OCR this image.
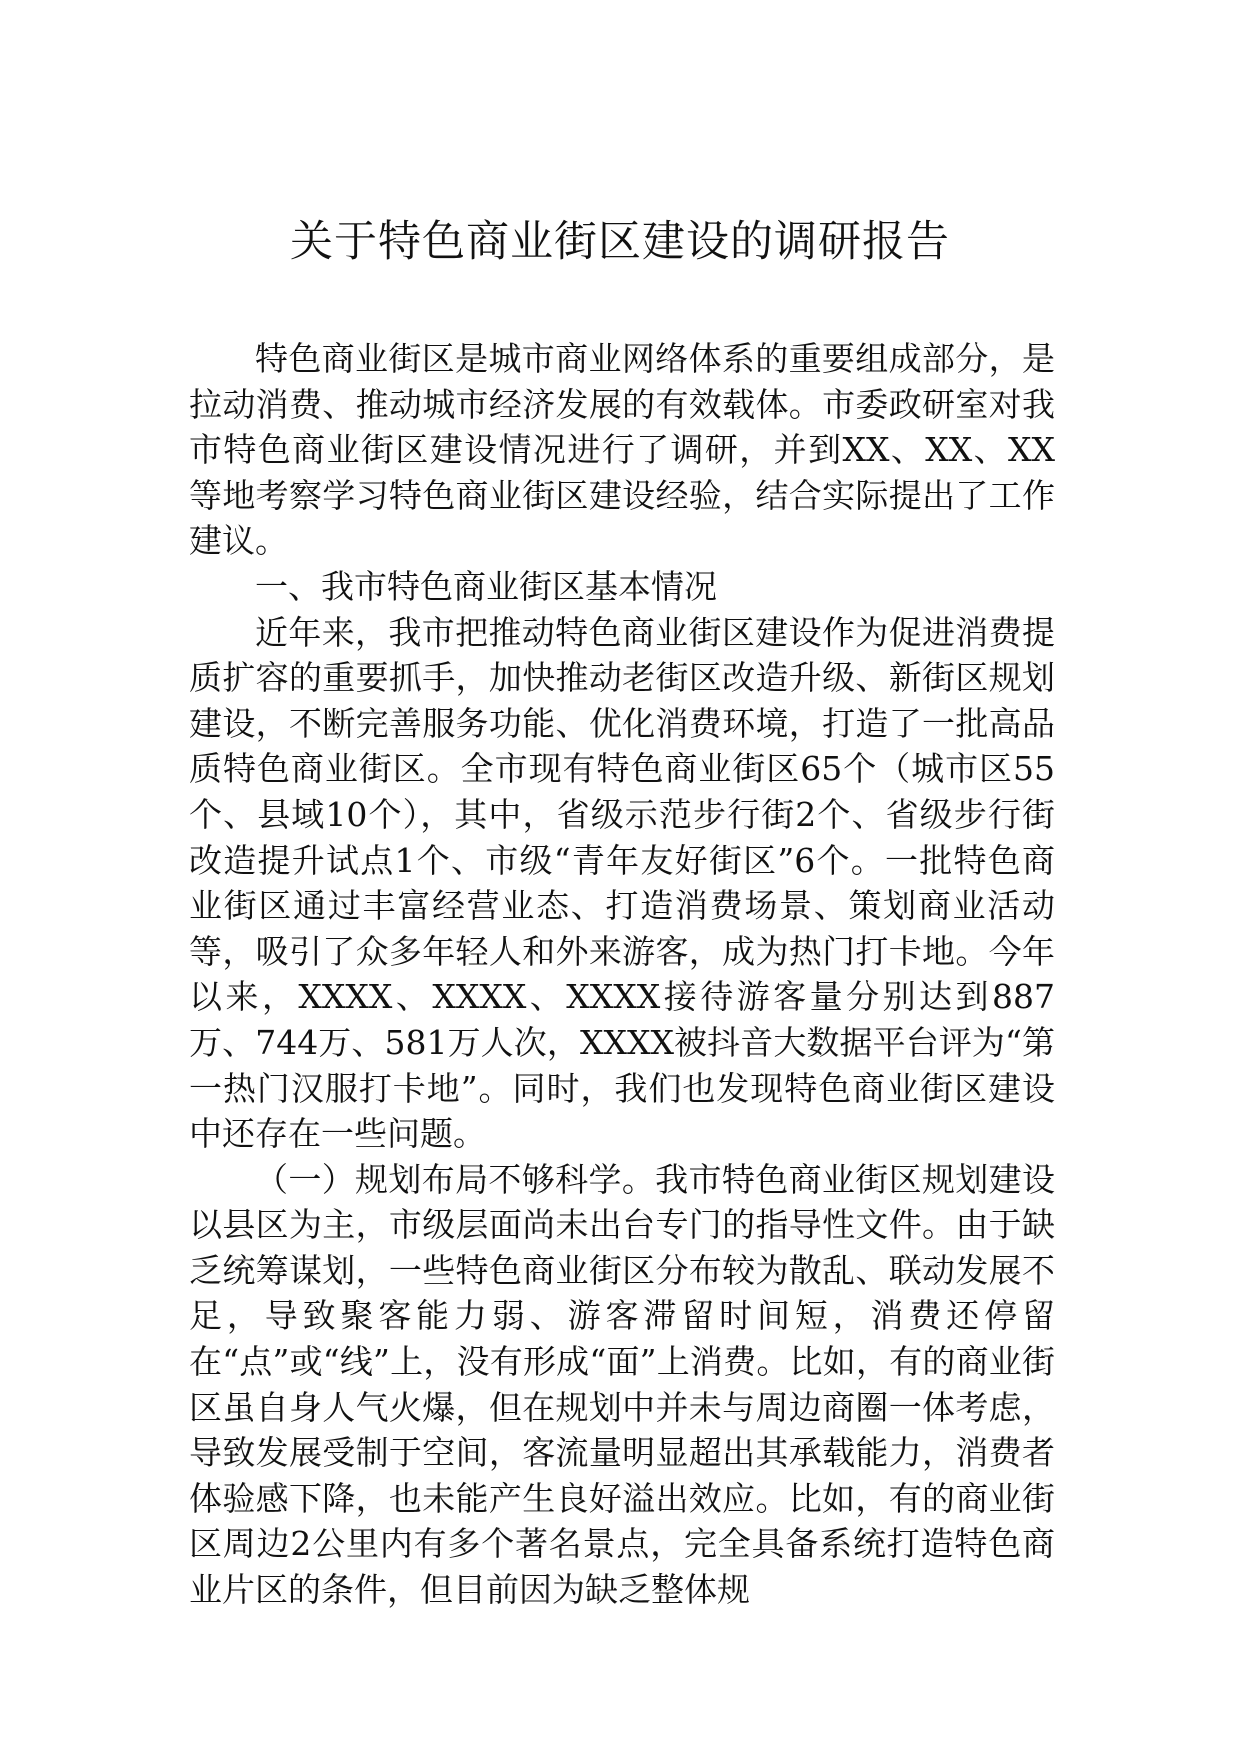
关于特色商业街区建设的调研报告

特色商业街区是城市商业网络体系的重要组成部分，是拉动消费、推动城市经济发展的有效载体。市委政研室对我市特色商业街区建设情况进行了调研，并到XX、XX、XX等地考察学习特色商业街区建设经验，结合实际提出了工作建议。

一、我市特色商业街区基本情况

近年来，我市把推动特色商业街区建设作为促进消费提质扩容的重要抓手，加快推动老街区改造升级、新街区规划建设，不断完善服务功能、优化消费环境，打造了一批高品质特色商业街区。全市现有特色商业街区65个（城市区55个、县域10个），其中，省级示范步行街2个、省级步行街改造提升试点1个、市级“青年友好街区”6个。一批特色商业街区通过丰富经营业态、打造消费场景、策划商业活动等，吸引了众多年轻人和外来游客，成为热门打卡地。今年以来，XXXX、XXXX、XXXX接待游客量分别达到887万、744万、581万人次，XXXX被抖音大数据平台评为“第一热门汉服打卡地”。同时，我们也发现特色商业街区建设中还存在一些问题。

（一）规划布局不够科学。我市特色商业街区规划建设以县区为主，市级层面尚未出台专门的指导性文件。由于缺乏统筹谋划，一些特色商业街区分布较为散乱、联动发展不足，导致聚客能力弱、游客滞留时间短，消费还停留在“点”或“线”上，没有形成“面”上消费。比如，有的商业街区虽自身人气火爆，但在规划中并未与周边商圈一体考虑，导致发展受制于空间，客流量明显超出其承载能力，消费者体验感下降，也未能产生良好溢出效应。比如，有的商业街区周边2公里内有多个著名景点，完全具备系统打造特色商业片区的条件，但目前因为缺乏整体规
